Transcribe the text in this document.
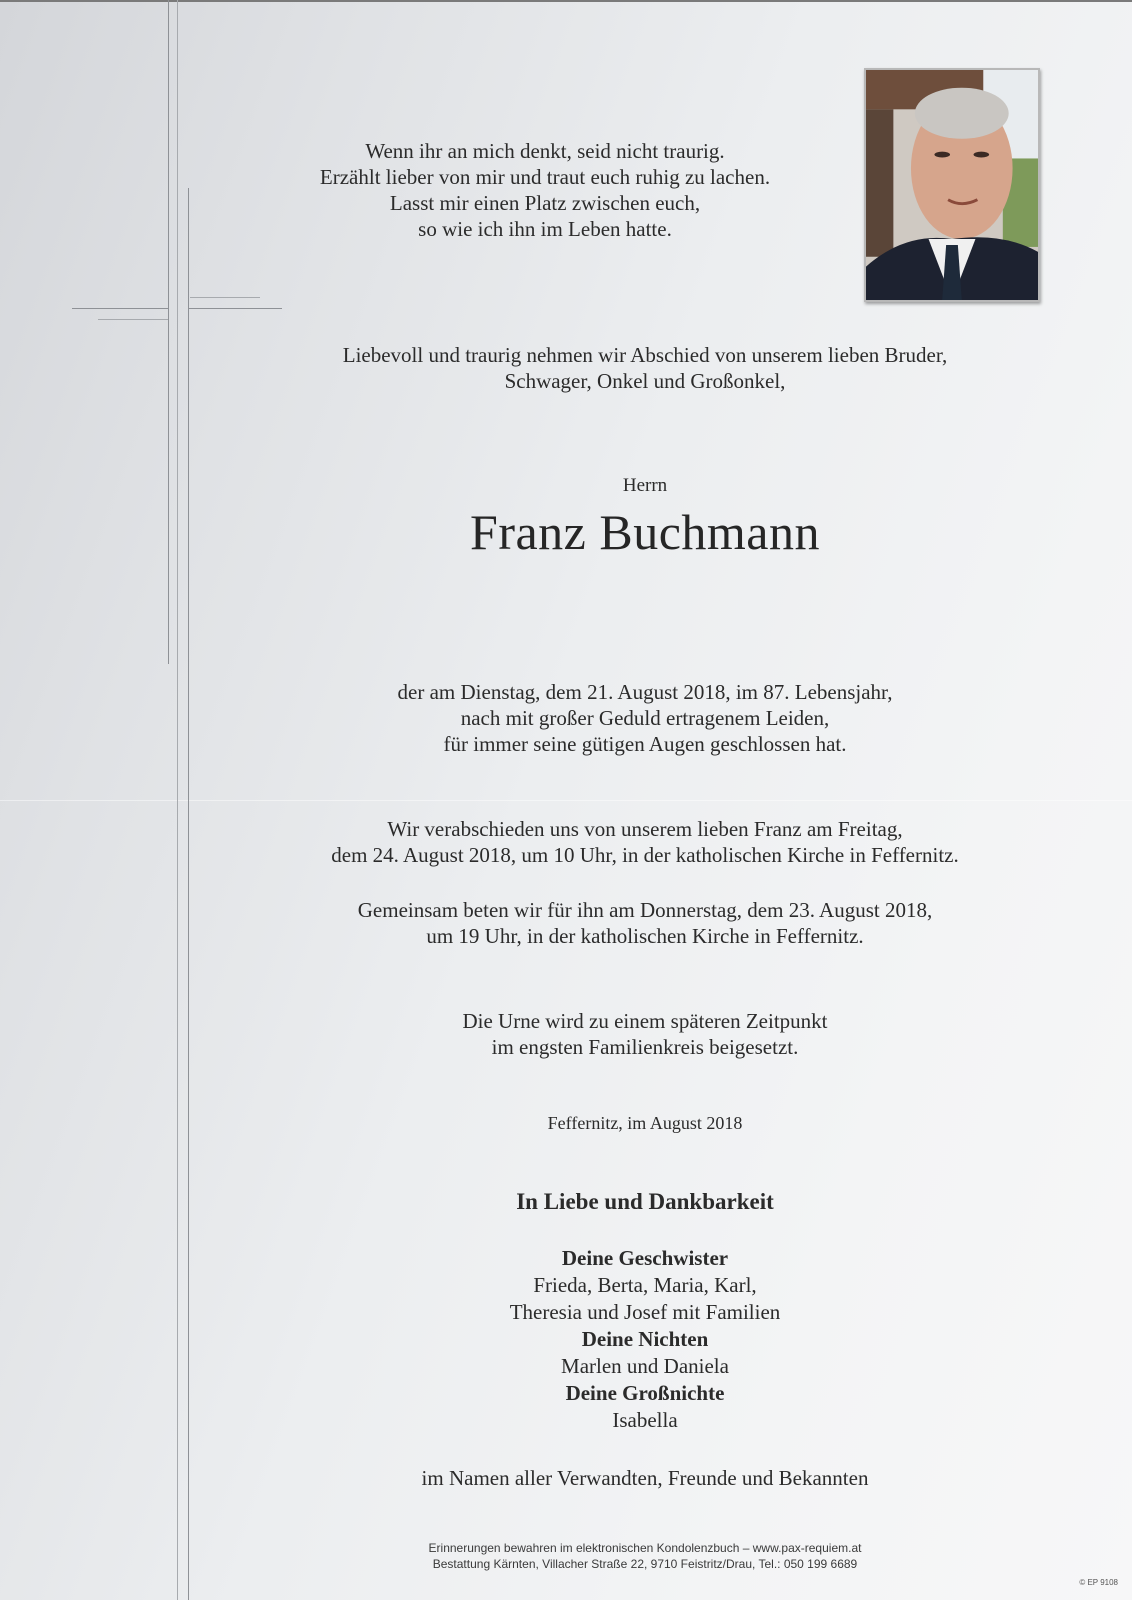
Wenn ihr an mich denkt, seid nicht traurig.
Erzählt lieber von mir und traut euch ruhig zu lachen.
Lasst mir einen Platz zwischen euch,
so wie ich ihn im Leben hatte.
Liebevoll und traurig nehmen wir Abschied von unserem lieben Bruder,
Schwager, Onkel und Großonkel,
Herrn
Franz Buchmann
der am Dienstag, dem 21. August 2018, im 87. Lebensjahr,
nach mit großer Geduld ertragenem Leiden,
für immer seine gütigen Augen geschlossen hat.
Wir verabschieden uns von unserem lieben Franz am Freitag,
dem 24. August 2018, um 10 Uhr, in der katholischen Kirche in Feffernitz.
Gemeinsam beten wir für ihn am Donnerstag, dem 23. August 2018,
um 19 Uhr, in der katholischen Kirche in Feffernitz.
Die Urne wird zu einem späteren Zeitpunkt
im engsten Familienkreis beigesetzt.
Feffernitz, im August 2018
In Liebe und Dankbarkeit
Deine Geschwister
Frieda, Berta, Maria, Karl,
Theresia und Josef mit Familien
Deine Nichten
Marlen und Daniela
Deine Großnichte
Isabella
im Namen aller Verwandten, Freunde und Bekannten
Erinnerungen bewahren im elektronischen Kondolenzbuch – www.pax-requiem.at
Bestattung Kärnten, Villacher Straße 22, 9710 Feistritz/Drau, Tel.: 050 199 6689
© EP 9108
